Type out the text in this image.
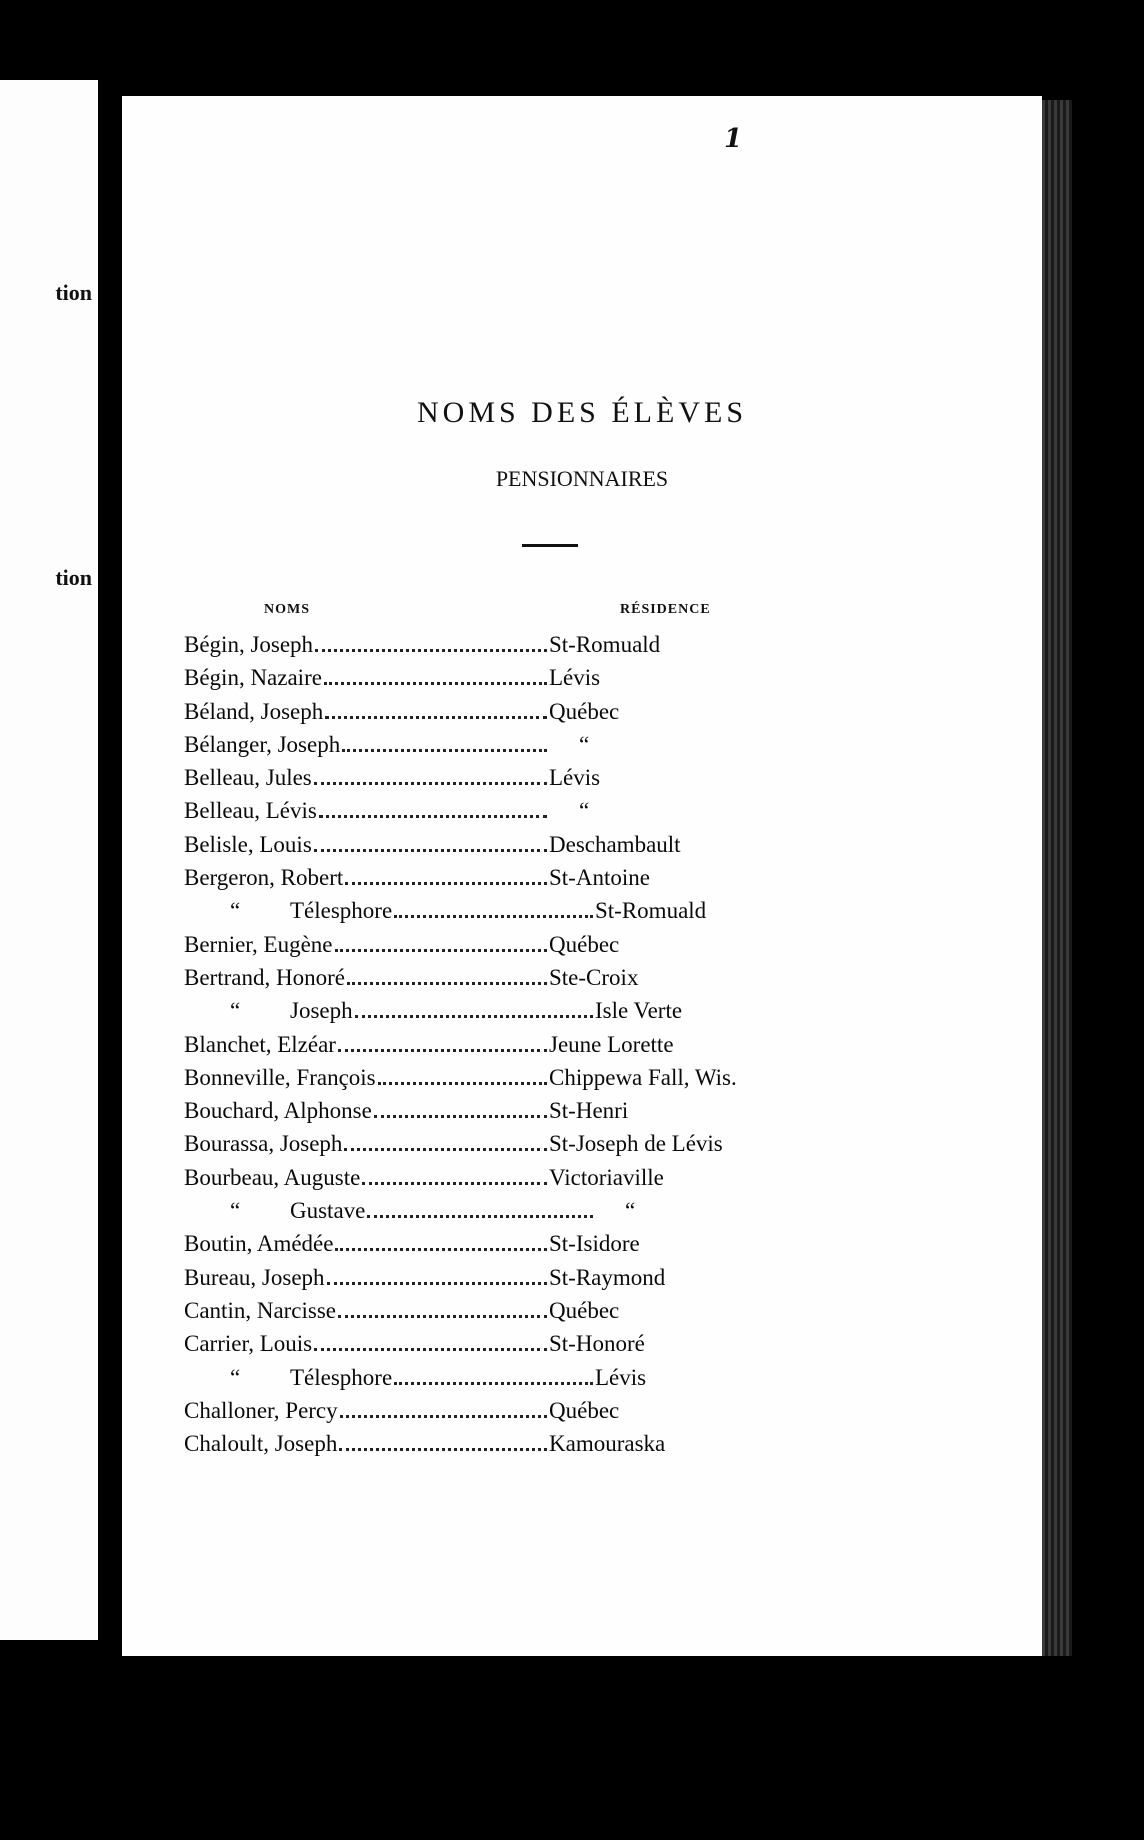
tion
tion
1
NOMS DES ÉLÈVES
PENSIONNAIRES
NOMS	RÉSIDENCE
Bégin, Joseph	St-Romuald
Bégin, Nazaire	Lévis
Béland, Joseph	Québec
Bélanger, Joseph	“
Belleau, Jules	Lévis
Belleau, Lévis	“
Belisle, Louis	Deschambault
Bergeron, Robert	St-Antoine
“	Télesphore	St-Romuald
Bernier, Eugène	Québec
Bertrand, Honoré	Ste-Croix
“	Joseph	Isle Verte
Blanchet, Elzéar	Jeune Lorette
Bonneville, François	Chippewa Fall, Wis.
Bouchard, Alphonse	St-Henri
Bourassa, Joseph	St-Joseph de Lévis
Bourbeau, Auguste	Victoriaville
“	Gustave	“
Boutin, Amédée	St-Isidore
Bureau, Joseph	St-Raymond
Cantin, Narcisse	Québec
Carrier, Louis	St-Honoré
“	Télesphore	Lévis
Challoner, Percy	Québec
Chaloult, Joseph	Kamouraska
